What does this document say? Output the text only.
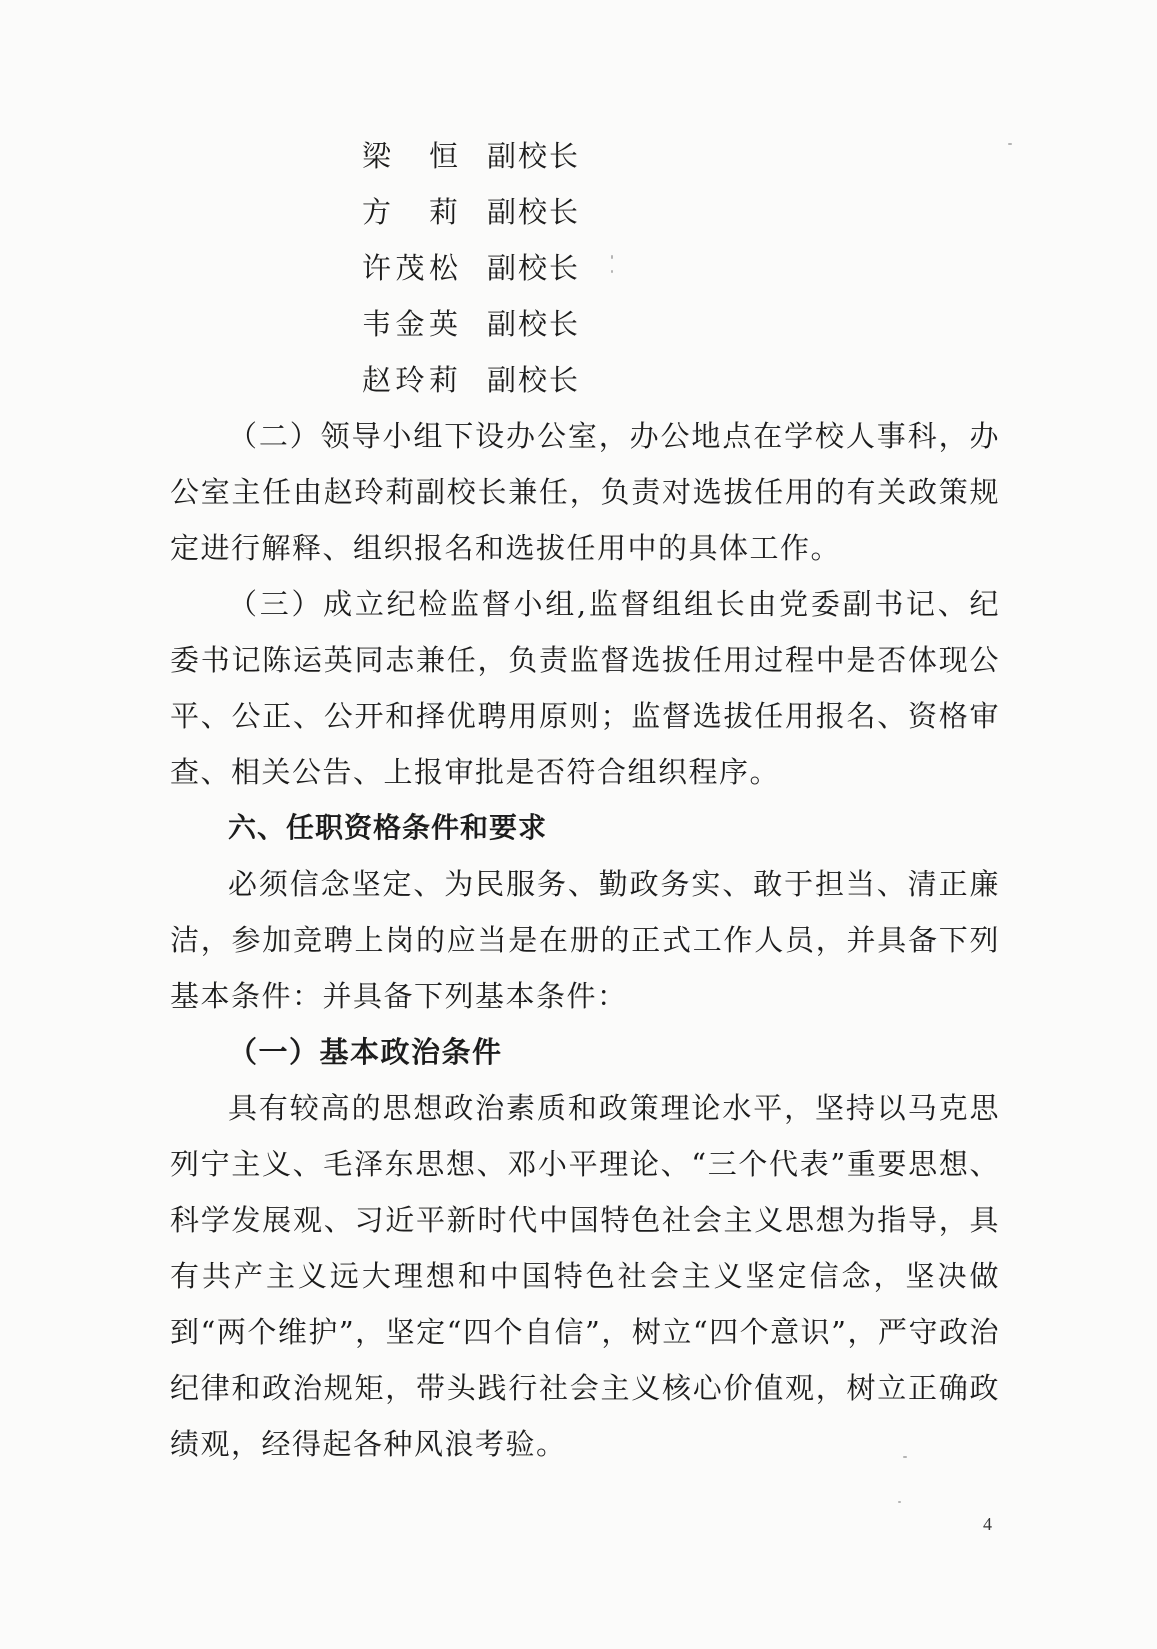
梁恒 副校长
方莉 副校长
许茂松 副校长
韦金英 副校长
赵玲莉 副校长

（二）领导小组下设办公室，办公地点在学校人事科，办公室主任由赵玲莉副校长兼任，负责对选拔任用的有关政策规定进行解释、组织报名和选拔任用中的具体工作。

（三）成立纪检监督小组,监督组组长由党委副书记、纪委书记陈运英同志兼任，负责监督选拔任用过程中是否体现公平、公正、公开和择优聘用原则；监督选拔任用报名、资格审查、相关公告、上报审批是否符合组织程序。

六、任职资格条件和要求

必须信念坚定、为民服务、勤政务实、敢于担当、清正廉洁，参加竞聘上岗的应当是在册的正式工作人员，并具备下列基本条件：并具备下列基本条件：

（一）基本政治条件

具有较高的思想政治素质和政策理论水平，坚持以马克思列宁主义、毛泽东思想、邓小平理论、“三个代表”重要思想、科学发展观、习近平新时代中国特色社会主义思想为指导，具有共产主义远大理想和中国特色社会主义坚定信念，坚决做到“两个维护”，坚定“四个自信”，树立“四个意识”，严守政治纪律和政治规矩，带头践行社会主义核心价值观，树立正确政绩观，经得起各种风浪考验。

4
